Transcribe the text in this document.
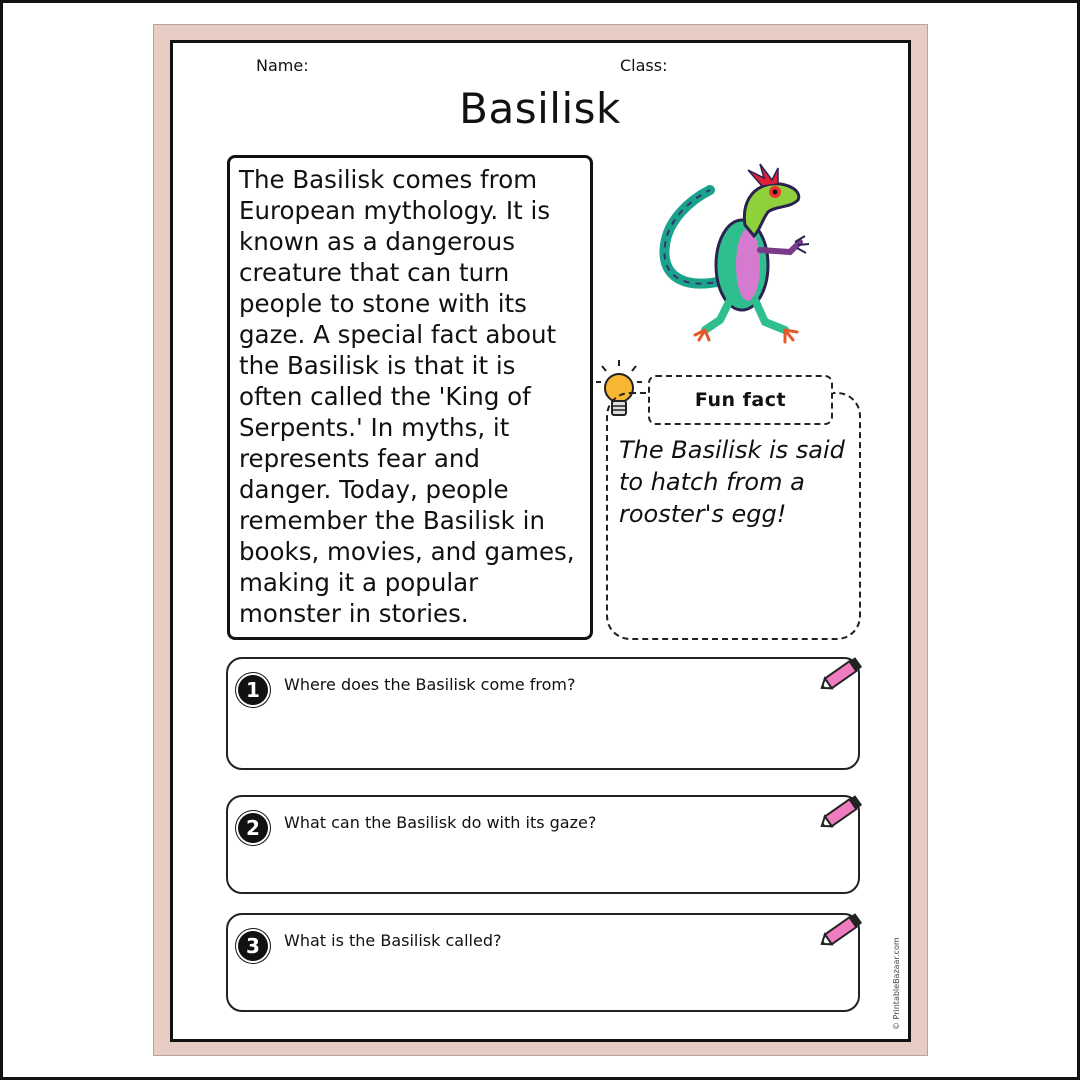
Name:	Class:
Basilisk
The Basilisk comes from European mythology. It is known as a dangerous creature that can turn people to stone with its gaze. A special fact about the Basilisk is that it is often called the 'King of Serpents.' In myths, it represents fear and danger. Today, people remember the Basilisk in books, movies, and games, making it a popular monster in stories.
Fun fact
The Basilisk is said to hatch from a rooster's egg!
1	Where does the Basilisk come from?
2	What can the Basilisk do with its gaze?
3	What is the Basilisk called?	© PrintableBazaar.com
